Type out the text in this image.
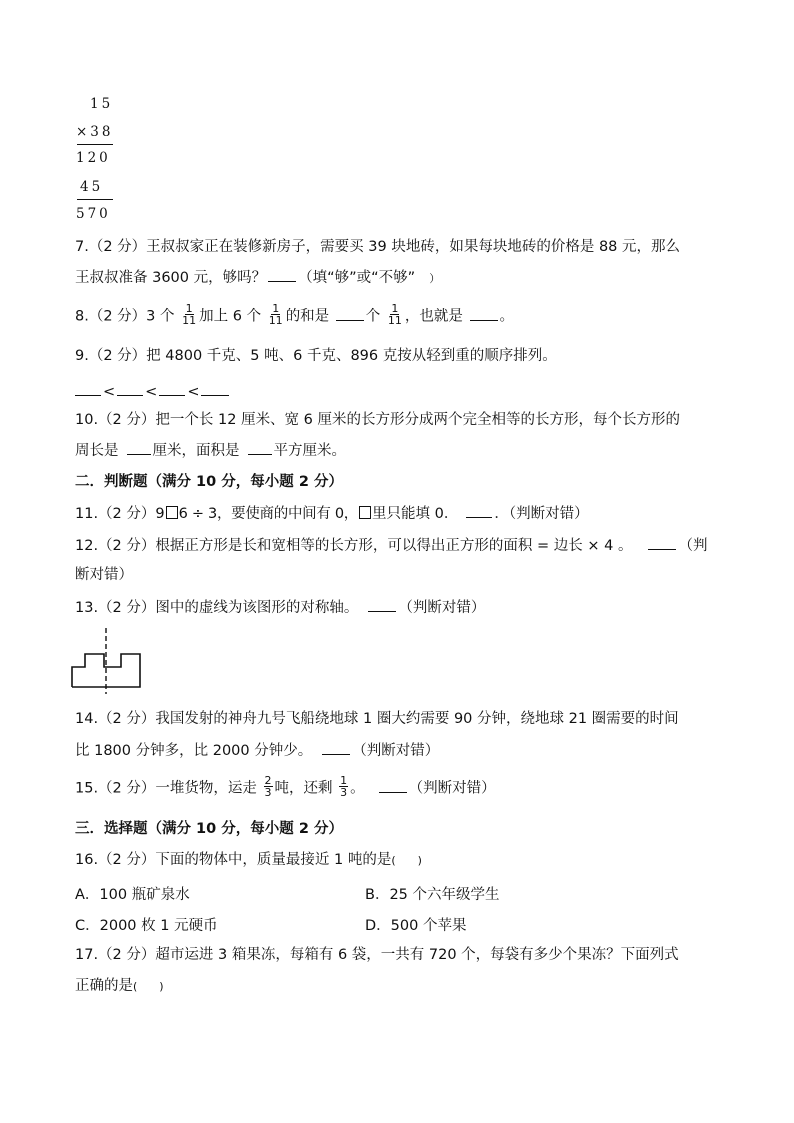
15
×38
120
45
570
7.（2 分）王叔叔家正在装修新房子，需要买 39 块地砖，如果每块地砖的价格是 88 元，那么
王叔叔准备 3600 元，够吗？ （填“够”或“不够” ）
8.（2 分）3 个 $\frac{1}{11}$ 加上 6 个 $\frac{1}{11}$ 的和是	个 $\frac{1}{11}$ ，也就是	。
9.（2 分）把 4800 千克、5 吨、6 千克、896 克按从轻到重的顺序排列。
< < <
10.（2 分）把一个长 12 厘米、宽 6 厘米的长方形分成两个完全相等的长方形，每个长方形的
周长是 厘米，面积是 平方厘米。
二．判断题（满分 10 分，每小题 2 分）
11.（2 分）9 6 ÷ 3，要使商的中间有 0， 里只能填 0． ．（判断对错）
12.（2 分）根据正方形是长和宽相等的长方形，可以得出正方形的面积 = 边长 × 4 。	（判
断对错）
13.（2 分）图中的虚线为该图形的对称轴。	（判断对错）
14.（2 分）我国发射的神舟九号飞船绕地球 1 圈大约需要 90 分钟，绕地球 21 圈需要的时间
比 1800 分钟多，比 2000 分钟少。	（判断对错）
15.（2 分）一堆货物，运走 $\frac{2}{3}$ 吨，还剩 $\frac{1}{3}$ 。	（判断对错）
三．选择题（满分 10 分，每小题 2 分）
16.（2 分）下面的物体中，质量最接近 1 吨的是(　　)
A．100 瓶矿泉水	B．25 个六年级学生
C．2000 枚 1 元硬币	D．500 个苹果
17.（2 分）超市运进 3 箱果冻，每箱有 6 袋，一共有 720 个，每袋有多少个果冻？下面列式
正确的是(　　)
